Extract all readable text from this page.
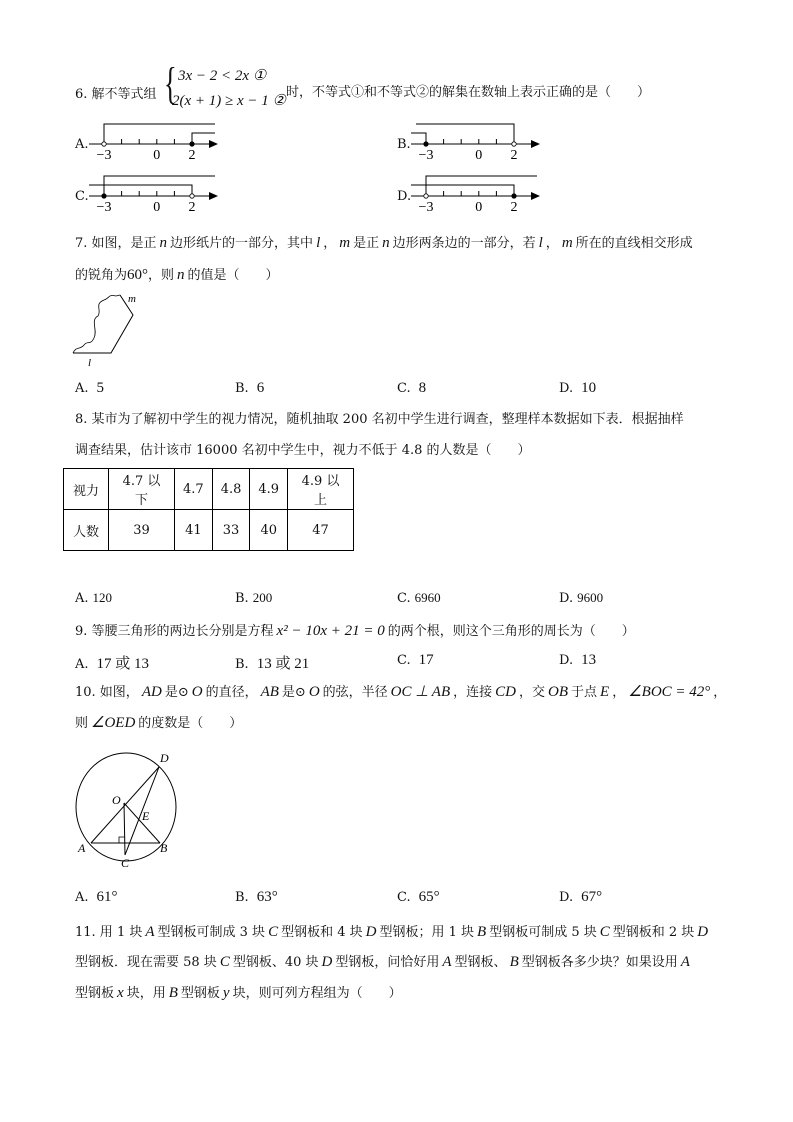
6. 解不等式组 { 3x − 2 < 2x ①
2(x + 1) ≥ x − 1 ②
时，不等式①和不等式②的解集在数轴上表示正确的是（　　）
A.
−3	0 2
B.
−3	0 2
C.
−3	0 2
D.
−3	0 2
7. 如图，是正 n 边形纸片的一部分，其中 l ， m 是正 n 边形两条边的一部分，若 l ， m 所在的直线相交形成
的锐角为60°，则 n 的值是（　　）
8. 某市为了解初中学生的视力情况，随机抽取 200 名初中学生进行调查，整理样本数据如下表．根据抽样
调查结果，估计该市 16000 名初中学生中，视力不低于 4.8 的人数是（　　）
9. 等腰三角形的两边长分别是方程 x² − 10x + 21 = 0 的两个根，则这个三角形的周长为（　　）
10. 如图， AD 是⊙ O 的直径， AB 是⊙ O 的弦，半径 OC ⊥ AB ，连接 CD ，交 OB 于点 E ， ∠BOC = 42° ，
则 ∠OED 的度数是（　　）
11. 用 1 块 A 型钢板可制成 3 块 C 型钢板和 4 块 D 型钢板；用 1 块 B 型钢板可制成 5 块 C 型钢板和 2 块 D
型钢板．现在需要 58 块 C 型钢板、40 块 D 型钢板，问恰好用 A 型钢板、 B 型钢板各多少块？如果设用 A
型钢板 x 块，用 B 型钢板 y 块，则可列方程组为（　　）
m
l
视力	4.7 以下	4.7	4.8	4.9	4.9 以上
人数	39	41	33	40	47
D
O
E
A	B
C
A. 5	B. 6	C. 8	D. 10
A. 120	B. 200	C. 6960	D. 9600
A. 17 或 13	B. 13 或 21	C. 17	D. 13
A. 61°	B. 63°	C. 65°	D. 67°
